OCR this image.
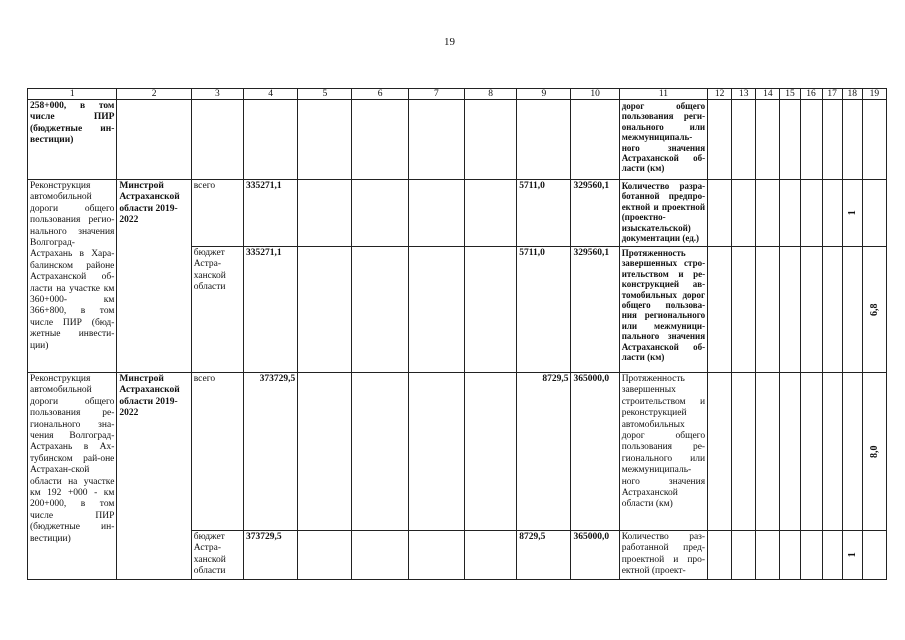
19
1	2	3	4	5	6	7	8	9	10	11	12	13	14	15	16	17	18	19
258+000, в том числе ПИР (бюджетные ин-вестиции)										дорог общего пользования реги-онального или межмуниципаль-ного значения Астраханской об-ласти (км)								
Реконструкция автомобильной дороги общего пользования регио-нального значения Волгоград-Астрахань в Хара-балинском районе Астраханской об-ласти на участке км 360+000- км 366+800, в том числе ПИР (бюд-жетные инвести-ции)	Минстрой Астраханской области 2019-2022	всего	335271,1					5711,0	329560,1	Количество разра-ботанной предпро-ектной и проектной (проектно-изыскательской) документации (ед.)							1	

		бюджет Астра-ханской области	335271,1					5711,0	329560,1	Протяженность завершенных стро-ительством и ре-конструкцией ав-томобильных дорог общего пользова-ния регионального или межмуници-пального значения Астраханской об-ласти (км)								6,8

Реконструкция автомобильной дороги общего пользования ре-гионального зна-чения Волгоград-Астрахань в Ах-тубинском рай-оне Астрахан-ской области на участке км 192 +000 - км 200+000, в том числе ПИР (бюджетные ин-вестиции)	Минстрой Астраханской области 2019-2022	всего	373729,5					8729,5	365000,0	Протяженность завершенных строительством и реконструкцией автомобильных дорог общего пользования ре-гионального или межмуниципаль-ного значения Астраханской области (км)								8,0

		бюджет Астра-ханской области	373729,5					8729,5	365000,0	Количество раз-работанной пред-проектной и про-ектной (проект-							1	
